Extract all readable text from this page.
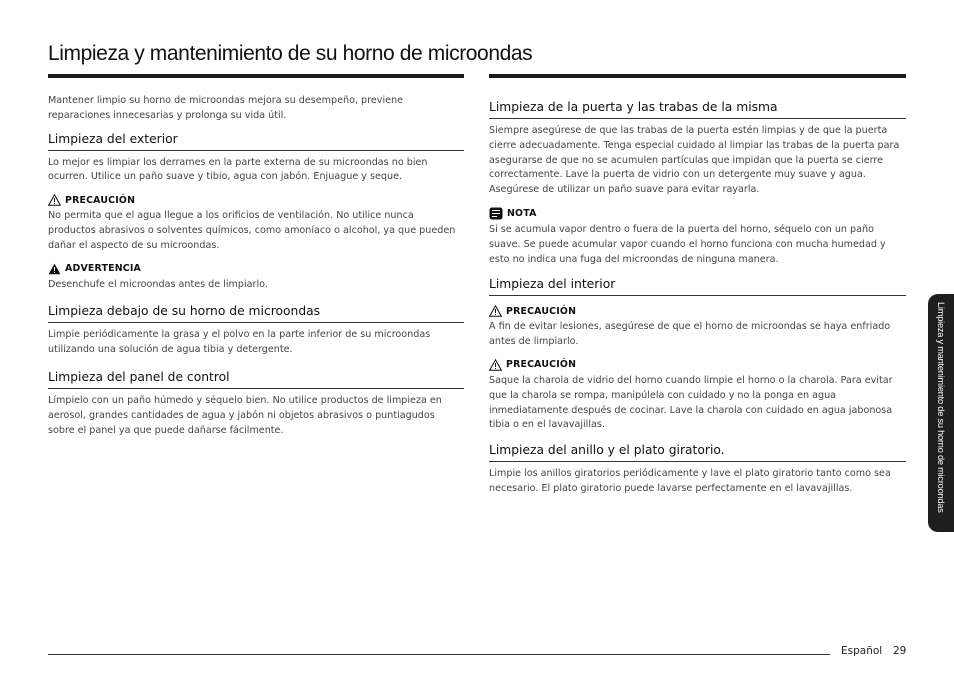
Limpieza y mantenimiento de su horno de microondas

Mantener limpio su horno de microondas mejora su desempeño, previene reparaciones innecesarias y prolonga su vida útil.

Limpieza del exterior

Lo mejor es limpiar los derrames en la parte externa de su microondas no bien ocurren. Utilice un paño suave y tibio, agua con jabón. Enjuague y seque.

PRECAUCIÓN

No permita que el agua llegue a los orificios de ventilación. No utilice nunca productos abrasivos o solventes químicos, como amoníaco o alcohol, ya que pueden dañar el aspecto de su microondas.

ADVERTENCIA

Desenchufe el microondas antes de limpiarlo.

Limpieza debajo de su horno de microondas

Limpie periódicamente la grasa y el polvo en la parte inferior de su microondas utilizando una solución de agua tibia y detergente.

Limpieza del panel de control

Límpielo con un paño húmedo y séquelo bien. No utilice productos de limpieza en aerosol, grandes cantidades de agua y jabón ni objetos abrasivos o puntiagudos sobre el panel ya que puede dañarse fácilmente.

Limpieza de la puerta y las trabas de la misma

Siempre asegúrese de que las trabas de la puerta estén limpias y de que la puerta cierre adecuadamente. Tenga especial cuidado al limpiar las trabas de la puerta para asegurarse de que no se acumulen partículas que impidan que la puerta se cierre correctamente. Lave la puerta de vidrio con un detergente muy suave y agua. Asegúrese de utilizar un paño suave para evitar rayarla.

NOTA

Si se acumula vapor dentro o fuera de la puerta del horno, séquelo con un paño suave. Se puede acumular vapor cuando el horno funciona con mucha humedad y esto no indica una fuga del microondas de ninguna manera.

Limpieza del interior
PRECAUCIÓN

A fin de evitar lesiones, asegúrese de que el horno de microondas se haya enfriado antes de limpiarlo.

PRECAUCIÓN

Saque la charola de vidrio del horno cuando limpie el horno o la charola. Para evitar que la charola se rompa, manipúlela con cuidado y no la ponga en agua inmediatamente después de cocinar. Lave la charola con cuidado en agua jabonosa tibia o en el lavavajillas.

Limpieza del anillo y el plato giratorio.

Limpie los anillos giratorios periódicamente y lave el plato giratorio tanto como sea necesario. El plato giratorio puede lavarse perfectamente en el lavavajillas.	Limpieza y mantenimiento de su horno de microondas
Español 29
